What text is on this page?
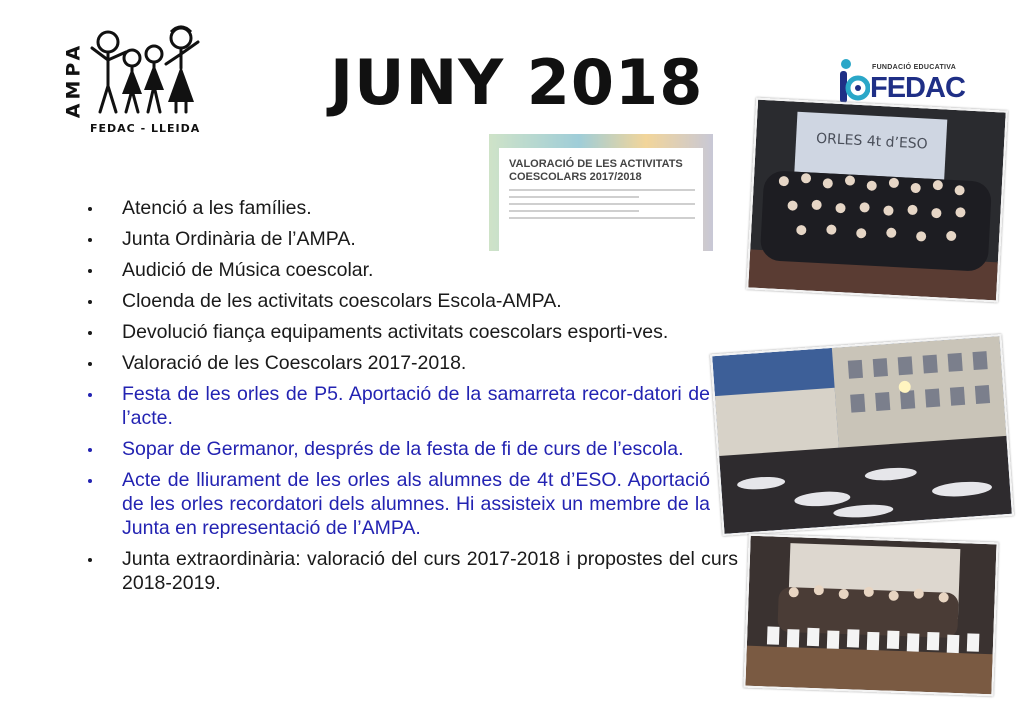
AMPA
FEDAC - LLEIDA
JUNY 2018	FUNDACIÓ EDUCATIVA
FEDAC
VALORACIÓ DE LES ACTIVITATS COESCOLARS 2017/2018
ORLES 4t d’ESO
Atenció a les famílies.
Junta Ordinària de l’AMPA.
Audició de Música coescolar.
Cloenda de les activitats coescolars Escola-AMPA.
Devolució fiança equipaments activitats coescolars esporti-ves.
Valoració de les Coescolars 2017-2018.
Festa de les orles de P5. Aportació de la samarreta recor-datori de l’acte.
Sopar de Germanor, després de la festa de fi de curs de l’escola.
Acte de lliurament de les orles als alumnes de 4t d’ESO. Aportació de les orles recordatori dels alumnes. Hi assisteix un membre de la Junta en representació de l’AMPA.
Junta extraordinària: valoració del curs 2017-2018 i propostes del curs 2018-2019.
